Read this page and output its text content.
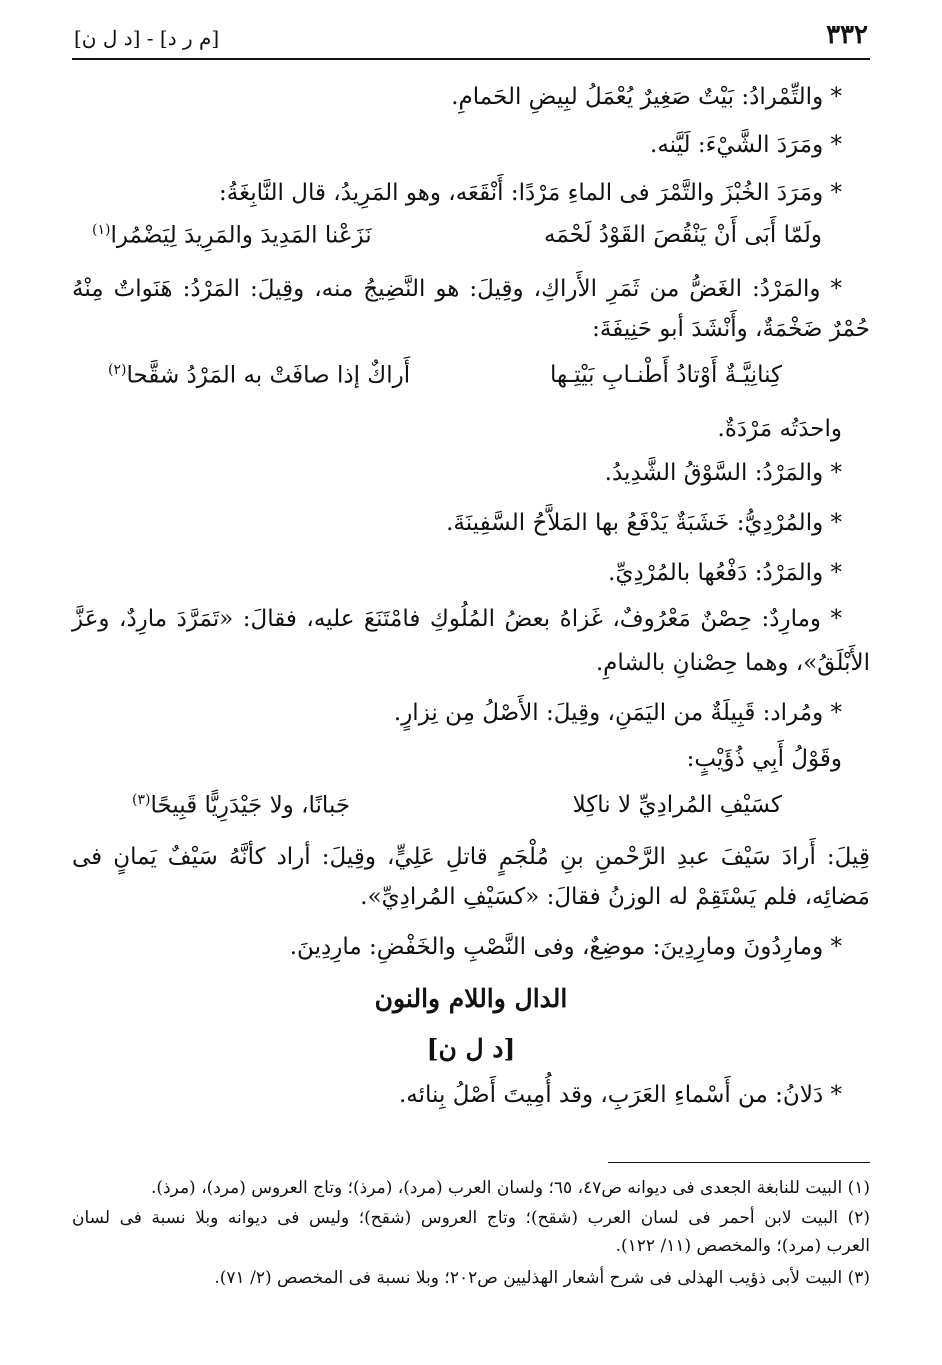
٣٣٢
[م ر د] - [د ل ن]
* والتِّمْرادُ: بَيْتٌ صَغِيرٌ يُعْمَلُ لبِيضِ الحَمامِ.
* ومَرَدَ الشَّيْءَ: لَيَّنه.
* ومَرَدَ الخُبْزَ والتَّمْرَ فى الماءِ مَرْدًا: أَنْقَعَه، وهو المَرِيدُ، قال النَّابِغَةُ:
ولَمّا أَبَى أَنْ يَنْقُصَ القَوْدُ لَحْمَه
نَزَعْنا المَدِيدَ والمَرِيدَ لِيَضْمُرا$^{(١)}$
* والمَرْدُ: الغَضُّ من ثَمَرِ الأَراكِ، وقِيلَ: هو النَّضِيجُ منه، وقِيلَ: المَرْدُ: هَنَواتٌ مِنْهُ
حُمْرٌ ضَخْمَةٌ، وأَنْشَدَ أبو حَنِيفَةَ:
كِنانِيَّـةٌ أَوْتادُ أَطْنـابِ بَيْتِـها
أَراكٌ إذا صافَتْ به المَرْدُ شقَّحا$^{(٢)}$
واحدَتُه مَرْدَةٌ.
* والمَرْدُ: السَّوْقُ الشَّدِيدُ.
* والمُرْدِيُّ: خَشَبَةٌ يَدْفَعُ بها المَلاَّحُ السَّفِينَةَ.
* والمَرْدُ: دَفْعُها بالمُرْدِيِّ.
* ومارِدٌ: حِصْنٌ مَعْرُوفٌ، غَزاهُ بعضُ المُلُوكِ فامْتَنَعَ عليه، فقالَ: «تَمَرَّدَ مارِدٌ، وعَزَّ
الأَبْلَقُ»، وهما حِصْنانِ بالشامِ.
* ومُراد: قَبِيلَةٌ من اليَمَنِ، وقِيلَ: الأَصْلُ مِن نِزارٍ.
وقَوْلُ أَبِي ذُؤَيْبٍ:
كسَيْفِ المُرادِيِّ لا ناكِلا
جَبانًا، ولا جَيْدَرِيًّا قَبِيحًا$^{(٣)}$
قِيلَ: أَرادَ سَيْفَ عبدِ الرَّحْمنِ بنِ مُلْجَمٍ قاتلِ عَلِيٍّ، وقِيلَ: أراد كأنَّهُ سَيْفٌ يَمانٍ فى
مَضائِه، فلم يَسْتَقِمْ له الوزنُ فقالَ: «كسَيْفِ المُرادِيِّ».
* ومارِدُونَ ومارِدِينَ: موضِعٌ، وفى النَّصْبِ والخَفْضِ: مارِدِينَ.
الدال واللام والنون
[د ل ن]
* دَلانُ: من أَسْماءِ العَرَبِ، وقد أُمِيتَ أَصْلُ بِنائه.
(١) البيت للنابغة الجعدى فى ديوانه ص٤٧، ٦٥؛ ولسان العرب (مرد)، (مرذ)؛ وتاج العروس (مرد)، (مرذ).
(٢) البيت لابن أحمر فى لسان العرب (شقح)؛ وتاج العروس (شقح)؛ وليس فى ديوانه وبلا نسبة فى لسان
العرب (مرد)؛ والمخصص (١١/ ١٢٢).
(٣) البيت لأبى ذؤيب الهذلى فى شرح أشعار الهذليين ص٢٠٢؛ وبلا نسبة فى المخصص (٢/ ٧١).
